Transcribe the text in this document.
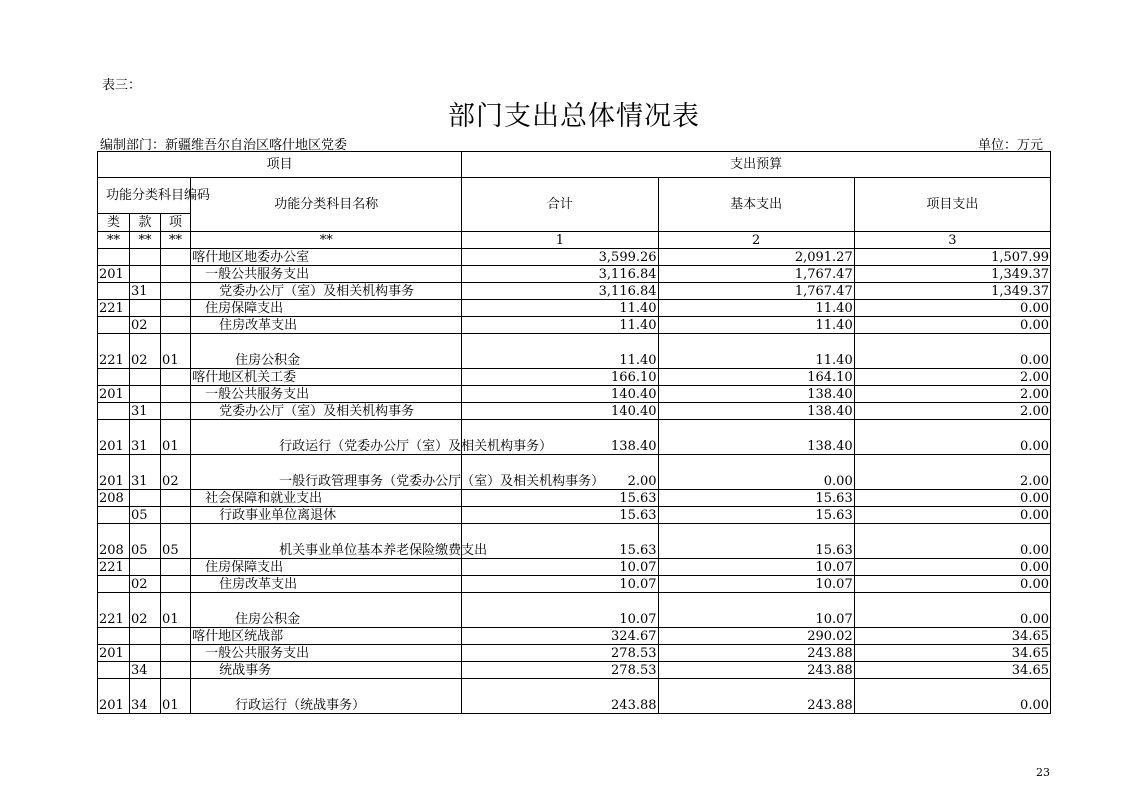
表三：
部门支出总体情况表
编制部门：新疆维吾尔自治区喀什地区党委	单位：万元
项目				支出预算		
功能分类科目编码			功能分类科目名称	合计	基本支出	项目支出
类	款	项				
**	**	**	**	1	2	3
			喀什地区地委办公室	3,599.26	2,091.27	1,507.99
201			一般公共服务支出	3,116.84	1,767.47	1,349.37
	31		党委办公厅（室）及相关机构事务	3,116.84	1,767.47	1,349.37
221			住房保障支出	11.40	11.40	0.00
	02		住房改革支出	11.40	11.40	0.00
221	02	01	住房公积金	11.40	11.40	0.00
			喀什地区机关工委	166.10	164.10	2.00
201			一般公共服务支出	140.40	138.40	2.00
	31		党委办公厅（室）及相关机构事务	140.40	138.40	2.00
201	31	01	行政运行（党委办公厅（室）及相关机构事务）	138.40	138.40	0.00
201	31	02	一般行政管理事务（党委办公厅（室）及相关机构事务）	2.00	0.00	2.00
208			社会保障和就业支出	15.63	15.63	0.00
	05		行政事业单位离退休	15.63	15.63	0.00
208	05	05	机关事业单位基本养老保险缴费支出	15.63	15.63	0.00
221			住房保障支出	10.07	10.07	0.00
	02		住房改革支出	10.07	10.07	0.00
221	02	01	住房公积金	10.07	10.07	0.00
			喀什地区统战部	324.67	290.02	34.65
201			一般公共服务支出	278.53	243.88	34.65
	34		统战事务	278.53	243.88	34.65
201	34	01	行政运行（统战事务）	243.88	243.88	0.00
23
